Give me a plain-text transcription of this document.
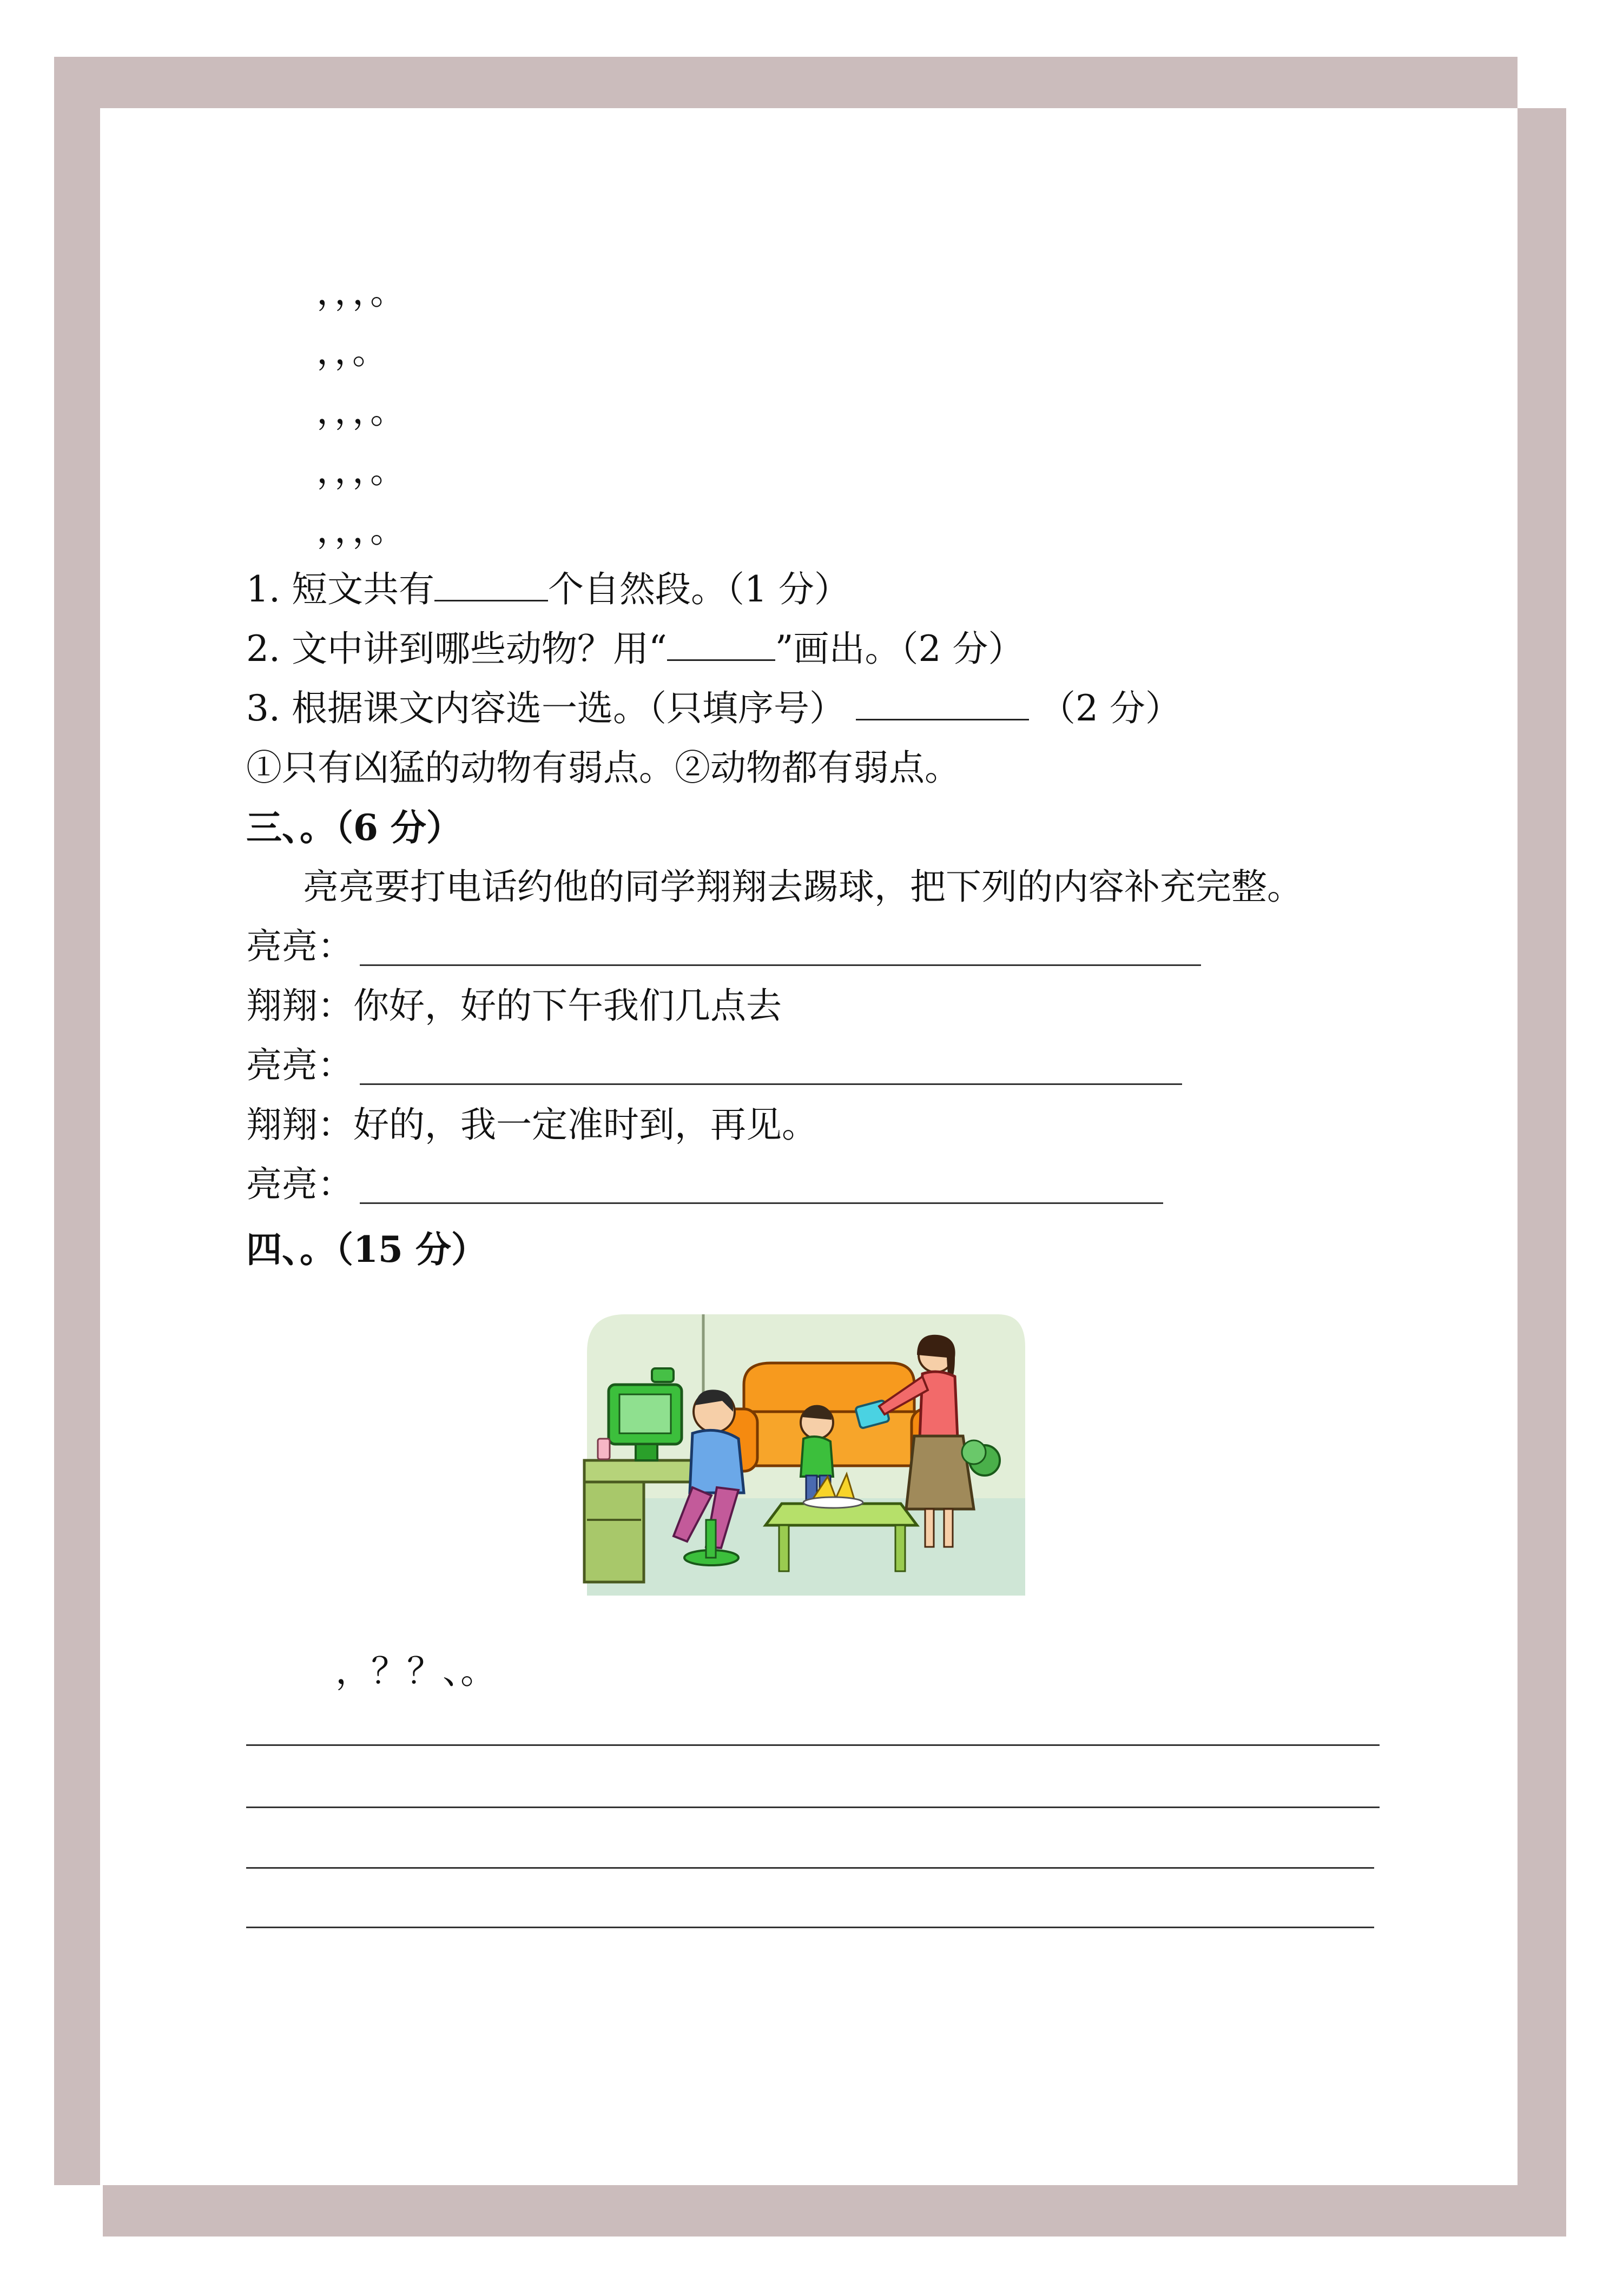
，，，。
，，。
，，，。
，，，。
，，，。
1. 短文共有	个自然段。（1 分）
2. 文中讲到哪些动物？用“	”画出。（2 分）
3. 根据课文内容选一选。（只填序号）	（2 分）
①只有凶猛的动物有弱点。②动物都有弱点。
三、。（6 分）
亮亮要打电话约他的同学翔翔去踢球，把下列的内容补充完整。
亮亮：
翔翔：你好，好的下午我们几点去
亮亮：
翔翔：好的，我一定准时到，再见。
亮亮：
四、。（15 分）
，？？、。
